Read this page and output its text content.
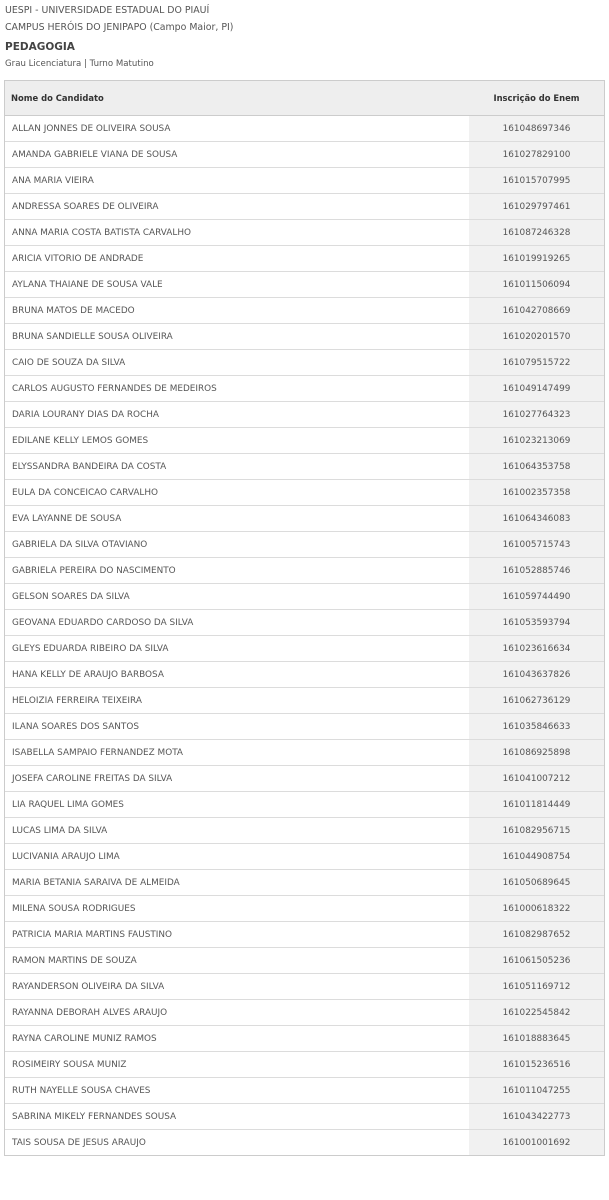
UESPI - UNIVERSIDADE ESTADUAL DO PIAUÍ
CAMPUS HERÓIS DO JENIPAPO (Campo Maior, PI)
PEDAGOGIA
Grau Licenciatura | Turno Matutino
Nome do Candidato	Inscrição do Enem
ALLAN JONNES DE OLIVEIRA SOUSA	161048697346
AMANDA GABRIELE VIANA DE SOUSA	161027829100
ANA MARIA VIEIRA	161015707995
ANDRESSA SOARES DE OLIVEIRA	161029797461
ANNA MARIA COSTA BATISTA CARVALHO	161087246328
ARICIA VITORIO DE ANDRADE	161019919265
AYLANA THAIANE DE SOUSA VALE	161011506094
BRUNA MATOS DE MACEDO	161042708669
BRUNA SANDIELLE SOUSA OLIVEIRA	161020201570
CAIO DE SOUZA DA SILVA	161079515722
CARLOS AUGUSTO FERNANDES DE MEDEIROS	161049147499
DARIA LOURANY DIAS DA ROCHA	161027764323
EDILANE KELLY LEMOS GOMES	161023213069
ELYSSANDRA BANDEIRA DA COSTA	161064353758
EULA DA CONCEICAO CARVALHO	161002357358
EVA LAYANNE DE SOUSA	161064346083
GABRIELA DA SILVA OTAVIANO	161005715743
GABRIELA PEREIRA DO NASCIMENTO	161052885746
GELSON SOARES DA SILVA	161059744490
GEOVANA EDUARDO CARDOSO DA SILVA	161053593794
GLEYS EDUARDA RIBEIRO DA SILVA	161023616634
HANA KELLY DE ARAUJO BARBOSA	161043637826
HELOIZIA FERREIRA TEIXEIRA	161062736129
ILANA SOARES DOS SANTOS	161035846633
ISABELLA SAMPAIO FERNANDEZ MOTA	161086925898
JOSEFA CAROLINE FREITAS DA SILVA	161041007212
LIA RAQUEL LIMA GOMES	161011814449
LUCAS LIMA DA SILVA	161082956715
LUCIVANIA ARAUJO LIMA	161044908754
MARIA BETANIA SARAIVA DE ALMEIDA	161050689645
MILENA SOUSA RODRIGUES	161000618322
PATRICIA MARIA MARTINS FAUSTINO	161082987652
RAMON MARTINS DE SOUZA	161061505236
RAYANDERSON OLIVEIRA DA SILVA	161051169712
RAYANNA DEBORAH ALVES ARAUJO	161022545842
RAYNA CAROLINE MUNIZ RAMOS	161018883645
ROSIMEIRY SOUSA MUNIZ	161015236516
RUTH NAYELLE SOUSA CHAVES	161011047255
SABRINA MIKELY FERNANDES SOUSA	161043422773
TAIS SOUSA DE JESUS ARAUJO	161001001692
